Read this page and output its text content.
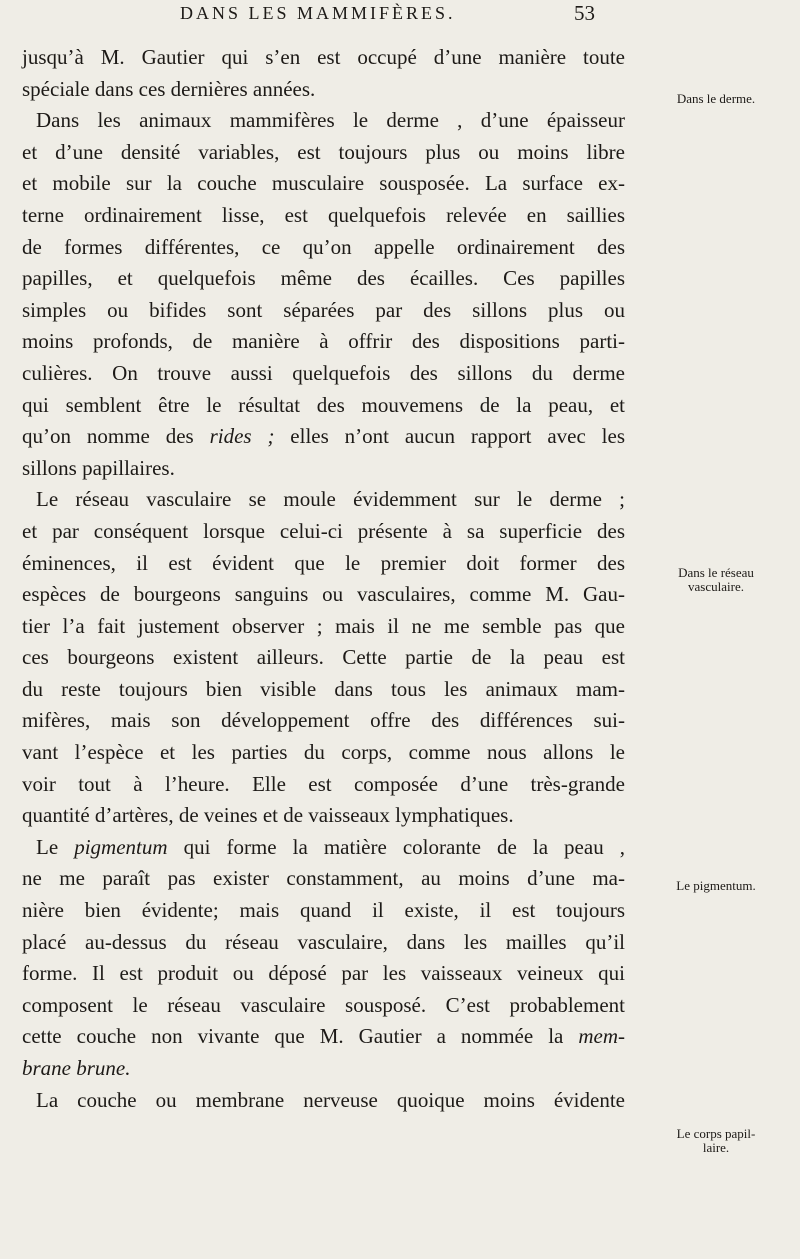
DANS LES MAMMIFÈRES.	53
jusqu’à M. Gautier qui s’en est occupé d’une manière toute
spéciale dans ces dernières années.
Dans les animaux mammifères le derme , d’une épaisseur
et d’une densité variables, est toujours plus ou moins libre
et mobile sur la couche musculaire sousposée. La surface ex-
terne ordinairement lisse, est quelquefois relevée en saillies
de formes différentes, ce qu’on appelle ordinairement des
papilles, et quelquefois même des écailles. Ces papilles
simples ou bifides sont séparées par des sillons plus ou
moins profonds, de manière à offrir des dispositions parti-
culières. On trouve aussi quelquefois des sillons du derme
qui semblent être le résultat des mouvemens de la peau, et
qu’on nomme des rides ; elles n’ont aucun rapport avec les
sillons papillaires.
Le réseau vasculaire se moule évidemment sur le derme ;
et par conséquent lorsque celui-ci présente à sa superficie des
éminences, il est évident que le premier doit former des
espèces de bourgeons sanguins ou vasculaires, comme M. Gau-
tier l’a fait justement observer ; mais il ne me semble pas que
ces bourgeons existent ailleurs. Cette partie de la peau est
du reste toujours bien visible dans tous les animaux mam-
mifères, mais son développement offre des différences sui-
vant l’espèce et les parties du corps, comme nous allons le
voir tout à l’heure. Elle est composée d’une très-grande
quantité d’artères, de veines et de vaisseaux lymphatiques.
Le pigmentum qui forme la matière colorante de la peau ,
ne me paraît pas exister constamment, au moins d’une ma-
nière bien évidente; mais quand il existe, il est toujours
placé au-dessus du réseau vasculaire, dans les mailles qu’il
forme. Il est produit ou déposé par les vaisseaux veineux qui
composent le réseau vasculaire sousposé. C’est probablement
cette couche non vivante que M. Gautier a nommée la mem-
brane brune.
La couche ou membrane nerveuse quoique moins évidente
Dans le derme.
Dans le réseau
vasculaire.
Le pigmentum.
Le corps papil-
laire.
